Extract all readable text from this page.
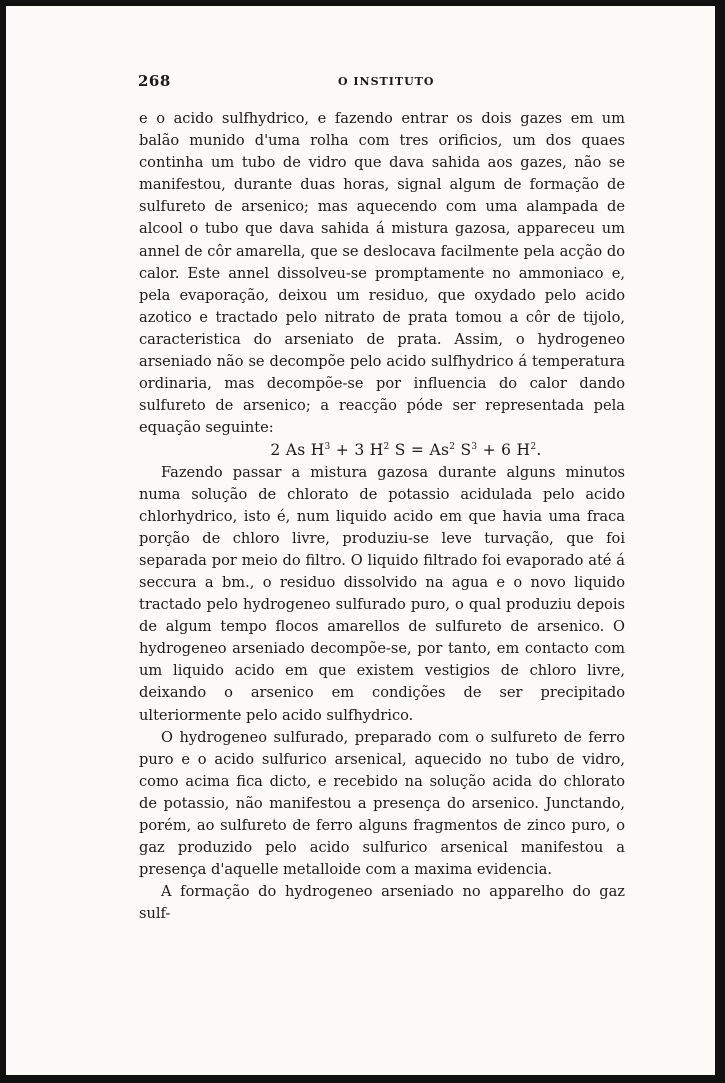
268	O INSTITUTO

e o acido sulfhydrico, e fazendo entrar os dois gazes em um balão munido d'uma rolha com tres orificios, um dos quaes continha um tubo de vidro que dava sahida aos gazes, não se manifestou, durante duas horas, signal algum de formação de sulfureto de arsenico; mas aquecendo com uma alampada de alcool o tubo que dava sahida á mistura gazosa, appareceu um annel de côr amarella, que se deslocava facilmente pela acção do calor. Este annel dissolveu-se promptamente no ammoniaco e, pela evaporação, deixou um residuo, que oxydado pelo acido azotico e tractado pelo nitrato de prata tomou a côr de tijolo, caracteristica do arseniato de prata. Assim, o hydrogeneo arseniado não se decompõe pelo acido sulfhydrico á temperatura ordinaria, mas decompõe-se por influencia do calor dando sulfureto de arsenico; a reacção póde ser representada pela equação seguinte:

2 As $H^3 + 3$ $H^2$ $S = As^2$ $S^3 + 6$ $H^2$.

Fazendo passar a mistura gazosa durante alguns minutos numa solução de chlorato de potassio acidulada pelo acido chlorhydrico, isto é, num liquido acido em que havia uma fraca porção de chloro livre, produziu-se leve turvação, que foi separada por meio do filtro. O liquido filtrado foi evaporado até á seccura a bm., o residuo dissolvido na agua e o novo liquido tractado pelo hydrogeneo sulfurado puro, o qual produziu depois de algum tempo flocos amarellos de sulfureto de arsenico. O hydrogeneo arseniado decompõe-se, por tanto, em contacto com um liquido acido em que existem vestigios de chloro livre, deixando o arsenico em condições de ser precipitado ulteriormente pelo acido sulfhydrico.

O hydrogeneo sulfurado, preparado com o sulfureto de ferro puro e o acido sulfurico arsenical, aquecido no tubo de vidro, como acima fica dicto, e recebido na solução acida do chlorato de potassio, não manifestou a presença do arsenico. Junctando, porém, ao sulfureto de ferro alguns fragmentos de zinco puro, o gaz produzido pelo acido sulfurico arsenical manifestou a presença d'aquelle metalloide com a maxima evidencia.

A formação do hydrogeneo arseniado no apparelho do gaz sulf-
